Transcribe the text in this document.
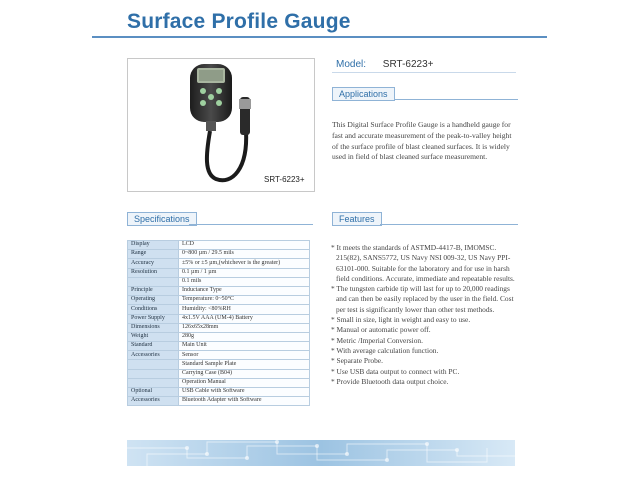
Surface Profile Gauge
SRT-6223+
Model: SRT-6223+
Applications
This Digital Surface Profile Gauge is a handheld gauge for fast and accurate measurement of the peak-to-valley height of the surface profile of blast cleaned surfaces. It is widely used in field of blast cleaned surface measurement.
Specifications
Display	LCD
Range	0~800 µm / 29.5 mils
Accuracy	±5% or ±5 µm,(whichever is the greater)
Resolution	0.1 µm / 1 µm
	0.1 mils
Principle	Inductance Type
Operating	Temperature: 0~50°C
Conditions	Humidity: <80%RH
Power Supply	4x1.5V AAA (UM-4) Battery
Dimensions	126x65x28mm
Weight	280g
Standard	Main Unit
Accessories	Sensor
	Standard Sample Plate
	Carrying Case (B04)
	Operation Manual
Optional	USB Cable with Software
Accessories	Bluetooth Adapter with Software
Features
* It meets the standards of ASTMD-4417-B, IMOMSC. 215(82), SANS5772, US Navy NSI 009-32, US Navy PPI-63101-000. Suitable for the laboratory and for use in harsh field conditions. Accurate, immediate and repeatable results.
* The tungsten carbide tip will last for up to 20,000 readings and can then be easily replaced by the user in the field. Cost per test is significantly lower than other test methods.
* Small in size, light in weight and easy to use.
* Manual or automatic power off.
* Metric /Imperial Conversion.
* With average calculation function.
* Separate Probe.
* Use USB data output to connect with PC.
* Provide Bluetooth data output choice.
